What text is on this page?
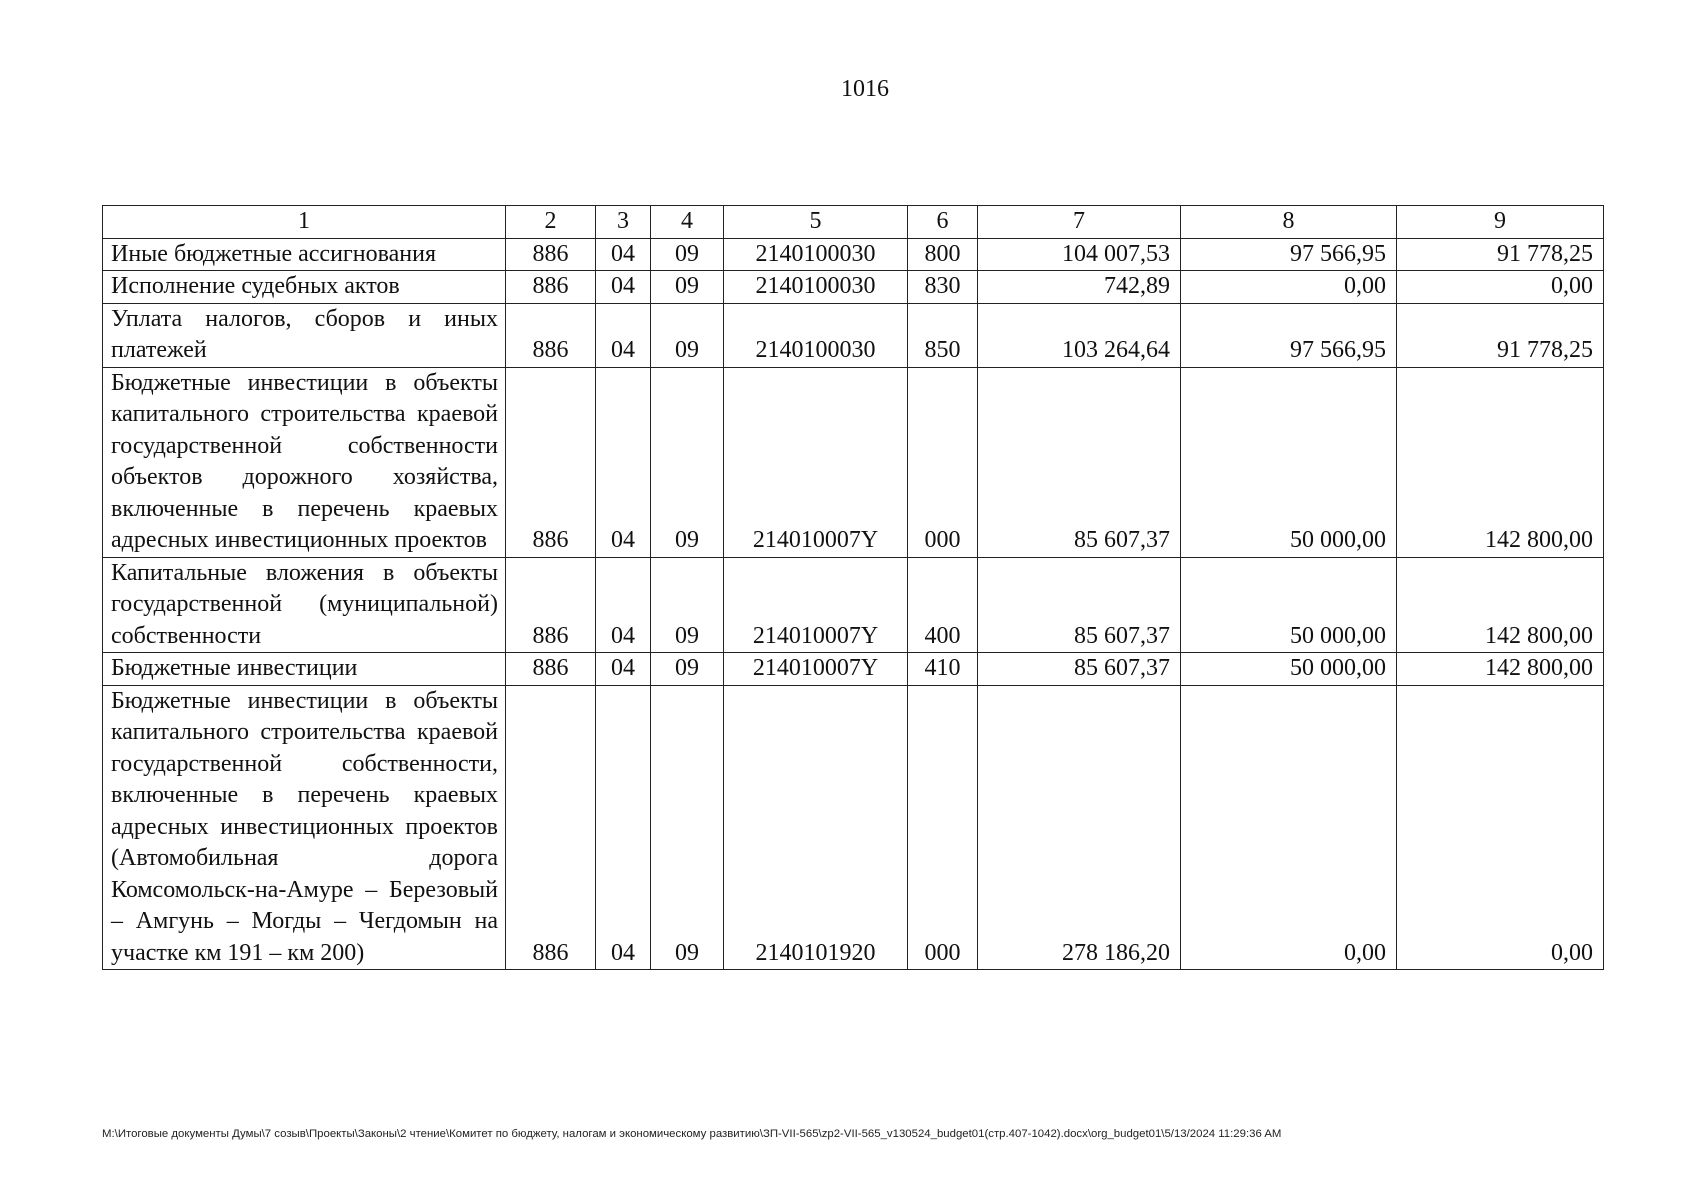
1016
1	2	3	4	5	6	7	8	9
Иные бюджетные ассигнования	886	04	09	2140100030	800	104 007,53	97 566,95	91 778,25
Исполнение судебных актов	886	04	09	2140100030	830	742,89	0,00	0,00
Уплата налогов, сборов и иных платежей	886	04	09	2140100030	850	103 264,64	97 566,95	91 778,25
Бюджетные инвестиции в объекты капитального строительства краевой государственной собственности объектов дорожного хозяйства, включенные в перечень краевых адресных инвестиционных проектов	886	04	09	214010007Y	000	85 607,37	50 000,00	142 800,00
Капитальные вложения в объекты государственной (муниципальной) собственности	886	04	09	214010007Y	400	85 607,37	50 000,00	142 800,00
Бюджетные инвестиции	886	04	09	214010007Y	410	85 607,37	50 000,00	142 800,00
Бюджетные инвестиции в объекты капитального строительства краевой государственной собственности, включенные в перечень краевых адресных инвестиционных проектов (Автомобильная дорога Комсомольск-на-Амуре – Березовый – Амгунь – Могды – Чегдомын на участке км 191 – км 200)	886	04	09	2140101920	000	278 186,20	0,00	0,00
M:\Итоговые документы Думы\7 созыв\Проекты\Законы\2 чтение\Комитет по бюджету, налогам и экономическому развитию\ЗП-VII-565\zp2-VII-565_v130524_budget01(стр.407-1042).docx\org_budget01\5/13/2024 11:29:36 AM
